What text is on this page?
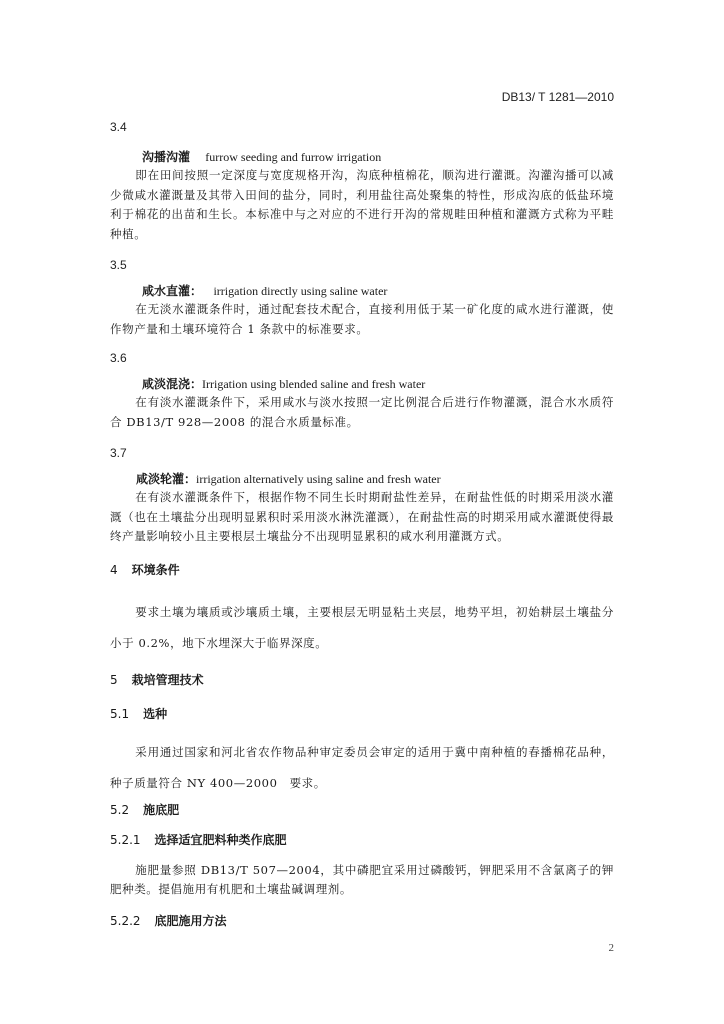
DB13/ T 1281—2010

3.4

沟播沟灌 furrow seeding and furrow irrigation

即在田间按照一定深度与宽度规格开沟，沟底种植棉花，顺沟进行灌溉。沟灌沟播可以减少微咸水灌溉量及其带入田间的盐分，同时，利用盐往高处聚集的特性，形成沟底的低盐环境利于棉花的出苗和生长。本标准中与之对应的不进行开沟的常规畦田种植和灌溉方式称为平畦种植。

3.5

咸水直灌： irrigation directly using saline water

在无淡水灌溉条件时，通过配套技术配合，直接利用低于某一矿化度的咸水进行灌溉，使作物产量和土壤环境符合 1 条款中的标准要求。

3.6

咸淡混浇：Irrigation using blended saline and fresh water

在有淡水灌溉条件下，采用咸水与淡水按照一定比例混合后进行作物灌溉，混合水水质符合 DB13/T 928—2008 的混合水质量标准。

3.7

咸淡轮灌：irrigation alternatively using saline and fresh water

在有淡水灌溉条件下，根据作物不同生长时期耐盐性差异，在耐盐性低的时期采用淡水灌溉（也在土壤盐分出现明显累积时采用淡水淋洗灌溉），在耐盐性高的时期采用咸水灌溉使得最终产量影响较小且主要根层土壤盐分不出现明显累积的咸水利用灌溉方式。

4 环境条件

要求土壤为壤质或沙壤质土壤，主要根层无明显粘土夹层，地势平坦，初始耕层土壤盐分小于 0.2%，地下水埋深大于临界深度。

5 栽培管理技术

5.1 选种

采用通过国家和河北省农作物品种审定委员会审定的适用于冀中南种植的春播棉花品种，种子质量符合 NY 400—2000　要求。

5.2 施底肥

5.2.1 选择适宜肥料种类作底肥

施肥量参照 DB13/T 507—2004，其中磷肥宜采用过磷酸钙，钾肥采用不含氯离子的钾肥种类。提倡施用有机肥和土壤盐碱调理剂。

5.2.2 底肥施用方法

2
